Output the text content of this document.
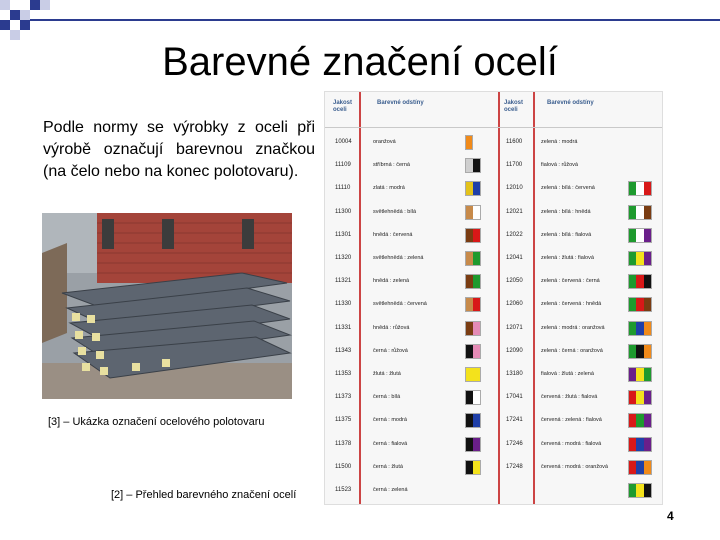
Barevné značení ocelí
Podle normy se výrobky z oceli při výrobě označují barevnou značkou (na čelo nebo na konec polotovaru).
[3] – Ukázka označení ocelového polotovaru
Jakost oceli
Barevné odstíny	Jakost oceli
Barevné odstíny
10004	oranžová
11109	stříbrná : černá
11110	zlatá : modrá
11300	světlehnědá : bílá
11301	hnědá : červená
11320	světlehnědá : zelená
11321	hnědá : zelená
11330	světlehnědá : červená
11331	hnědá : růžová
11343	černá : růžová
11353	žlutá : žlutá
11373	černá : bílá
11375	černá : modrá
11378	černá : fialová
11500	černá : žlutá
11523	černá : zelená
11600	zelená : modrá
11700	fialová : růžová
12010	zelená : bílá : červená
12021	zelená : bílá : hnědá
12022	zelená : bílá : fialová
12041	zelená : žlutá : fialová
12050	zelená : červená : černá
12060	zelená : červená : hnědá
12071	zelená : modrá : oranžová
12090	zelená : černá : oranžová
13180	fialová : žlutá : zelená
17041	červená : žlutá : fialová
17241	červená : zelená : fialová
17246	červená : modrá : fialová
17248	červená : modrá : oranžová
[2] – Přehled barevného značení ocelí
4
